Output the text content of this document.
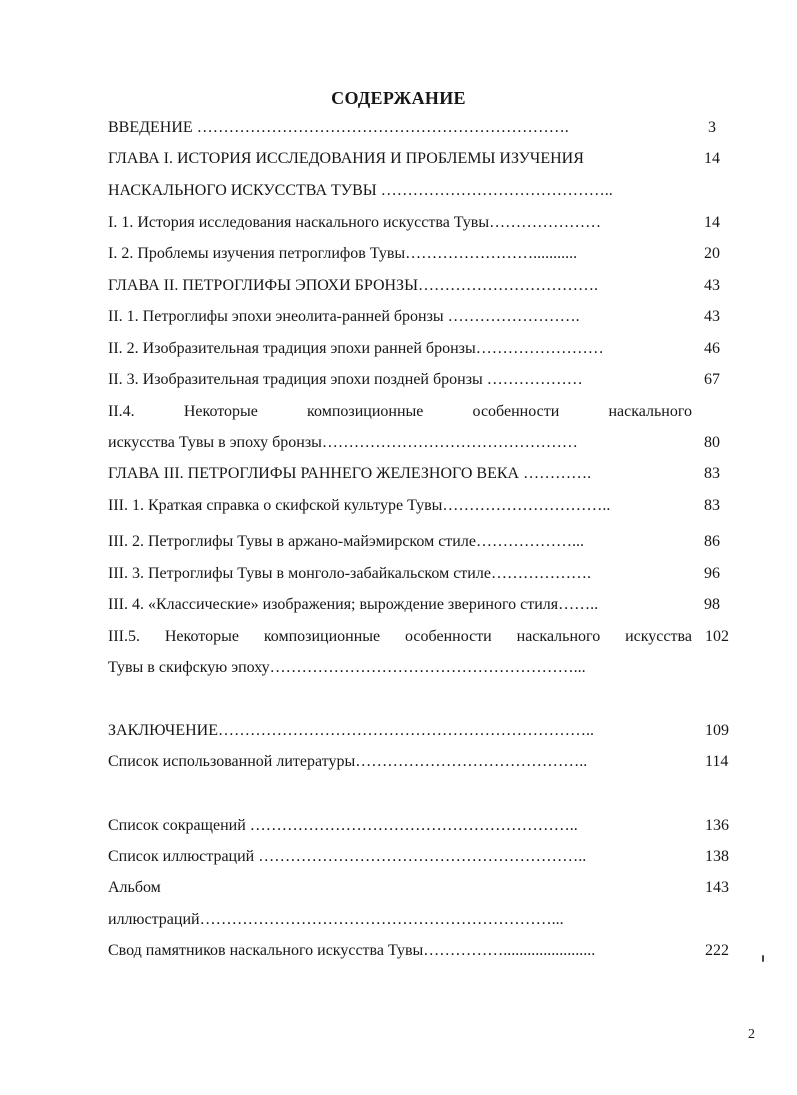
СОДЕРЖАНИЕ
ВВЕДЕНИЕ …………………………………………………………….	3
ГЛАВА I. ИСТОРИЯ ИССЛЕДОВАНИЯ И ПРОБЛЕМЫ ИЗУЧЕНИЯ	14
НАСКАЛЬНОГО ИСКУССТВА ТУВЫ ……………………………………..
I. 1. История исследования наскального искусства Тувы…………………	14
I. 2. Проблемы изучения петроглифов Тувы……………………...........	20
ГЛАВА II. ПЕТРОГЛИФЫ ЭПОХИ БРОНЗЫ…………………………….	43
II. 1. Петроглифы эпохи энеолита-ранней бронзы …………………….	43
II. 2. Изобразительная традиция эпохи ранней бронзы……………………	46
II. 3. Изобразительная традиция эпохи поздней бронзы ………………	67
II.4.	Некоторые	композиционные	особенности	наскального
искусства Тувы в эпоху бронзы…………………………………………	80
ГЛАВА III. ПЕТРОГЛИФЫ РАННЕГО ЖЕЛЕЗНОГО ВЕКА ………….	83
III. 1. Краткая справка о скифской культуре Тувы…………………………..	83
III. 2. Петроглифы Тувы в аржано-майэмирском стиле………………...	86
III. 3. Петроглифы Тувы в монголо-забайкальском стиле……………….	96
III. 4. «Классические» изображения; вырождение звериного стиля……..	98
III.5. Некоторые композиционные особенности наскального искусства 102
Тувы в скифскую эпоху…………………………………………………...
ЗАКЛЮЧЕНИЕ……………………………………………………………..	109
Список использованной литературы……………………………………..	114
Список сокращений ……………………………………………………..	136
Список иллюстраций ……………………………………………………..	138
Альбом	143
иллюстраций…………………………………………………………...
Свод памятников наскального искусства Тувы…………….......................	222
2
